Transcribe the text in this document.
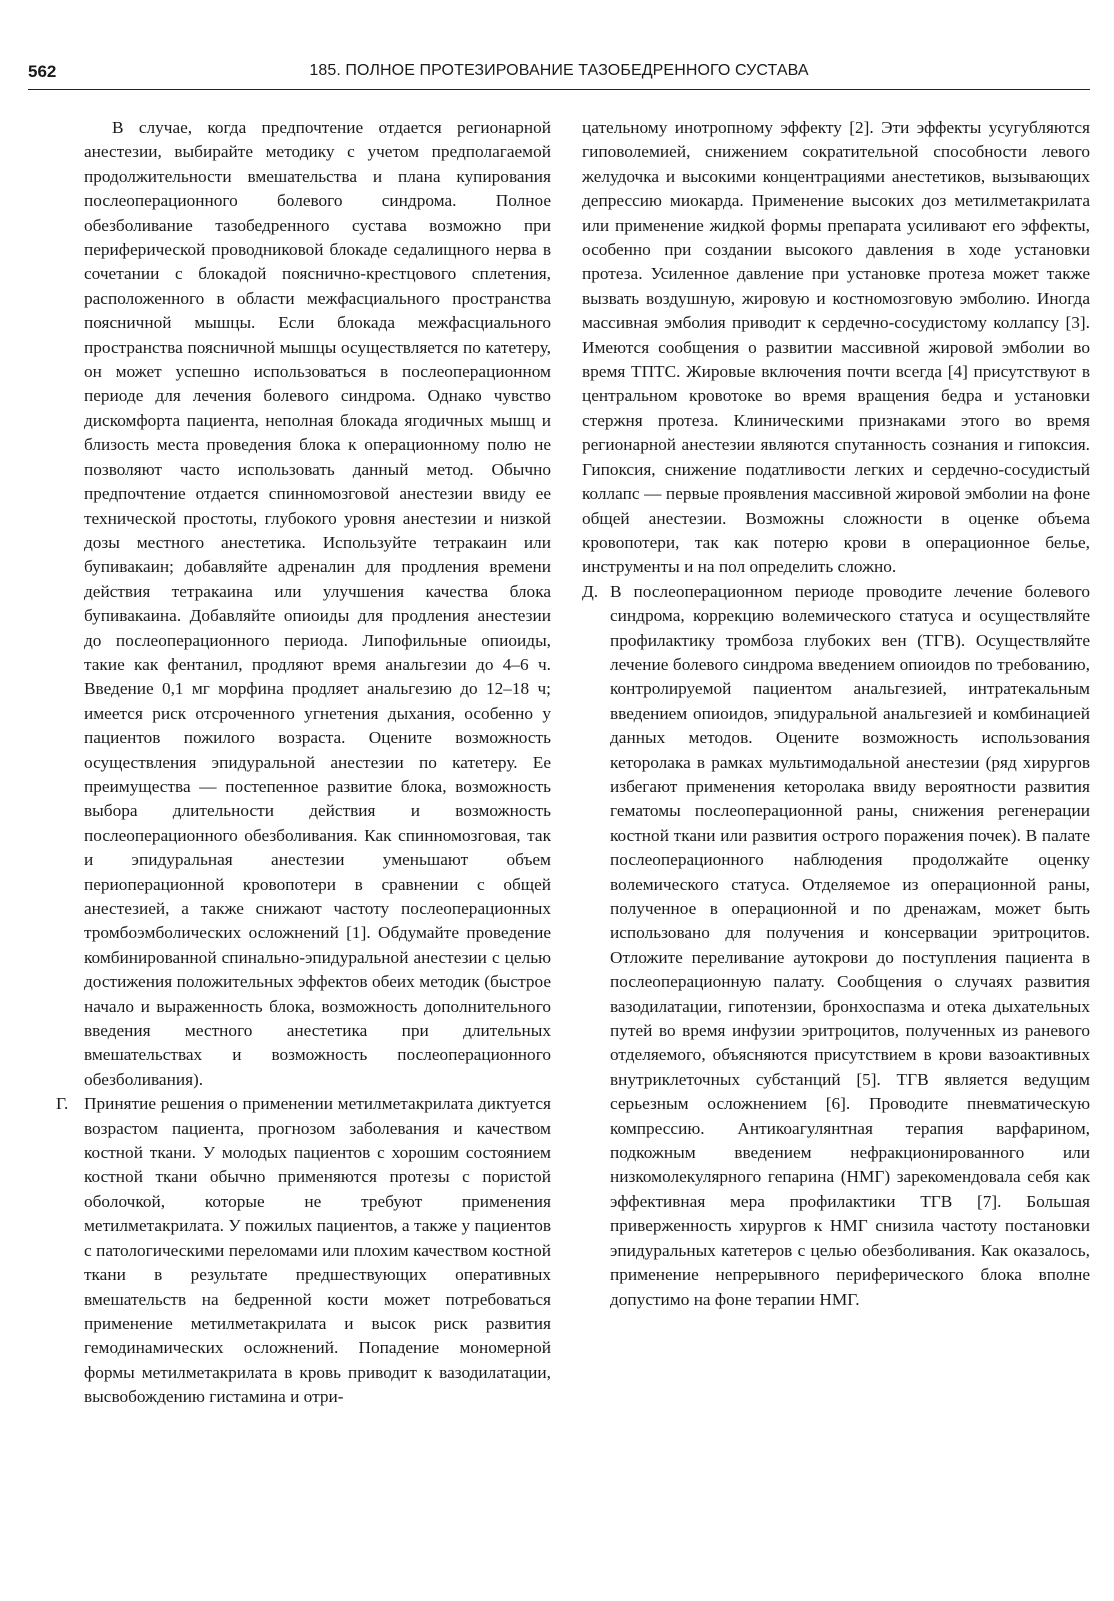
562	185. ПОЛНОЕ ПРОТЕЗИРОВАНИЕ ТАЗОБЕДРЕННОГО СУСТАВА

В случае, когда предпочтение отдается регионарной анестезии, выбирайте методику с учетом предполагаемой продолжительности вмешательства и плана купирования послеоперационного болевого синдрома. Полное обезболивание тазобедренного сустава возможно при периферической проводниковой блокаде седалищного нерва в сочетании с блокадой пояснично-крестцового сплетения, расположенного в области межфасциального пространства поясничной мышцы. Если блокада межфасциального пространства поясничной мышцы осуществляется по катетеру, он может успешно использоваться в послеоперационном периоде для лечения болевого синдрома. Однако чувство дискомфорта пациента, неполная блокада ягодичных мышц и близость места проведения блока к операционному полю не позволяют часто использовать данный метод. Обычно предпочтение отдается спинномозговой анестезии ввиду ее технической простоты, глубокого уровня анестезии и низкой дозы местного анестетика. Используйте тетракаин или бупивакаин; добавляйте адреналин для продления времени действия тетракаина или улучшения качества блока бупивакаина. Добавляйте опиоиды для продления анестезии до послеоперационного периода. Липофильные опиоиды, такие как фентанил, продляют время анальгезии до 4–6 ч. Введение 0,1 мг морфина продляет анальгезию до 12–18 ч; имеется риск отсроченного угнетения дыхания, особенно у пациентов пожилого возраста. Оцените возможность осуществления эпидуральной анестезии по катетеру. Ее преимущества — постепенное развитие блока, возможность выбора длительности действия и возможность послеоперационного обезболивания. Как спинномозговая, так и эпидуральная анестезии уменьшают объем периоперационной кровопотери в сравнении с общей анестезией, а также снижают частоту послеоперационных тромбоэмболических осложнений [1]. Обдумайте проведение комбинированной спинально-эпидуральной анестезии с целью достижения положительных эффектов обеих методик (быстрое начало и выраженность блока, возможность дополнительного введения местного анестетика при длительных вмешательствах и возможность послеоперационного обезболивания).

Г. Принятие решения о применении метилметакрилата диктуется возрастом пациента, прогнозом заболевания и качеством костной ткани. У молодых пациентов с хорошим состоянием костной ткани обычно применяются протезы с пористой оболочкой, которые не требуют применения метилметакрилата. У пожилых пациентов, а также у пациентов с патологическими переломами или плохим качеством костной ткани в результате предшествующих оперативных вмешательств на бедренной кости может потребоваться применение метилметакрилата и высок риск развития гемодинамических осложнений. Попадение мономерной формы метилметакрилата в кровь приводит к вазодилатации, высвобождению гистамина и отри-

цательному инотропному эффекту [2]. Эти эффекты усугубляются гиповолемией, снижением сократительной способности левого желудочка и высокими концентрациями анестетиков, вызывающих депрессию миокарда. Применение высоких доз метилметакрилата или применение жидкой формы препарата усиливают его эффекты, особенно при создании высокого давления в ходе установки протеза. Усиленное давление при установке протеза может также вызвать воздушную, жировую и костномозговую эмболию. Иногда массивная эмболия приводит к сердечно-сосудистому коллапсу [3]. Имеются сообщения о развитии массивной жировой эмболии во время ТПТС. Жировые включения почти всегда [4] присутствуют в центральном кровотоке во время вращения бедра и установки стержня протеза. Клиническими признаками этого во время регионарной анестезии являются спутанность сознания и гипоксия. Гипоксия, снижение податливости легких и сердечно-сосудистый коллапс — первые проявления массивной жировой эмболии на фоне общей анестезии. Возможны сложности в оценке объема кровопотери, так как потерю крови в операционное белье, инструменты и на пол определить сложно.

Д. В послеоперационном периоде проводите лечение болевого синдрома, коррекцию волемического статуса и осуществляйте профилактику тромбоза глубоких вен (ТГВ). Осуществляйте лечение болевого синдрома введением опиоидов по требованию, контролируемой пациентом анальгезией, интратекальным введением опиоидов, эпидуральной анальгезией и комбинацией данных методов. Оцените возможность использования кеторолака в рамках мультимодальной анестезии (ряд хирургов избегают применения кеторолака ввиду вероятности развития гематомы послеоперационной раны, снижения регенерации костной ткани или развития острого поражения почек). В палате послеоперационного наблюдения продолжайте оценку волемического статуса. Отделяемое из операционной раны, полученное в операционной и по дренажам, может быть использовано для получения и консервации эритроцитов. Отложите переливание аутокрови до поступления пациента в послеоперационную палату. Сообщения о случаях развития вазодилатации, гипотензии, бронхоспазма и отека дыхательных путей во время инфузии эритроцитов, полученных из раневого отделяемого, объясняются присутствием в крови вазоактивных внутриклеточных субстанций [5]. ТГВ является ведущим серьезным осложнением [6]. Проводите пневматическую компрессию. Антикоагулянтная терапия варфарином, подкожным введением нефракционированного или низкомолекулярного гепарина (НМГ) зарекомендовала себя как эффективная мера профилактики ТГВ [7]. Большая приверженность хирургов к НМГ снизила частоту постановки эпидуральных катетеров с целью обезболивания. Как оказалось, применение непрерывного периферического блока вполне допустимо на фоне терапии НМГ.
